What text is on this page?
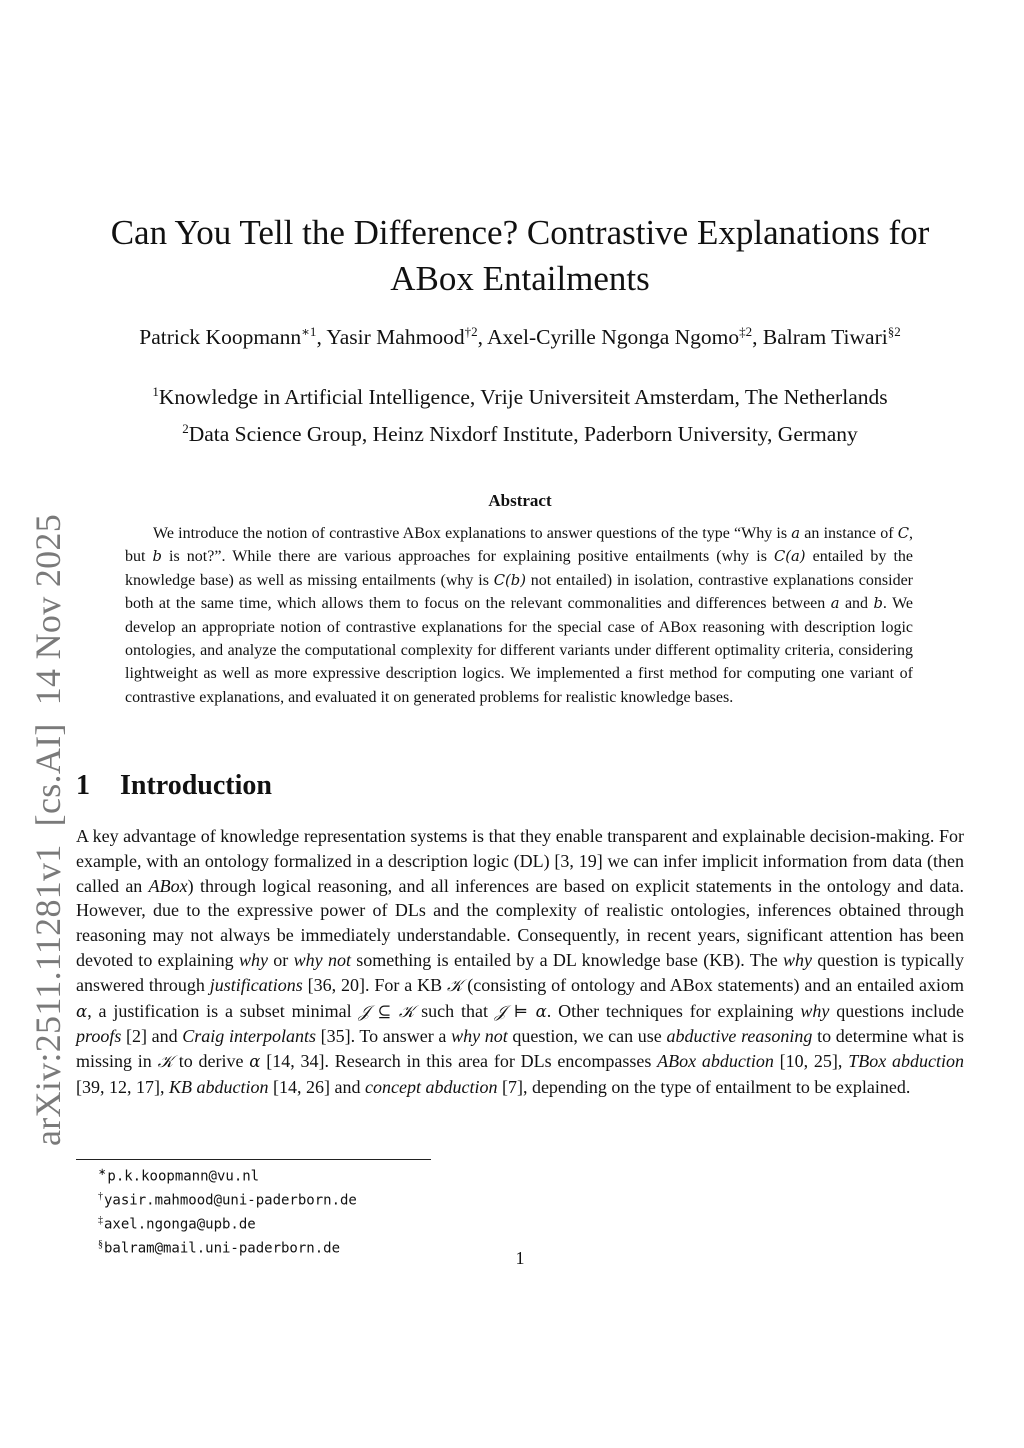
arXiv:2511.11281v1[cs.AI]14 Nov 2025
Can You Tell the Difference? Contrastive Explanations for
ABox Entailments
Patrick Koopmann$^{∗1}$, Yasir Mahmood$^{\dagger 2}$, Axel-Cyrille Ngonga Ngomo$^{\ddagger 2}$, Balram Tiwari$^{\S 2}$
$^1$Knowledge in Artificial Intelligence, Vrije Universiteit Amsterdam, The Netherlands
$^2$Data Science Group, Heinz Nixdorf Institute, Paderborn University, Germany
Abstract

We introduce the notion of contrastive ABox explanations to answer questions of the type “Why is a an instance of C, but b is not?”. While there are various approaches for explaining positive entailments (why is C(a) entailed by the knowledge base) as well as missing entailments (why is C(b) not entailed) in isolation, contrastive explanations consider both at the same time, which allows them to focus on the relevant commonalities and differences between a and b. We develop an appropriate notion of contrastive explanations for the special case of ABox reasoning with description logic ontologies, and analyze the computational complexity for different variants under different optimality criteria, considering lightweight as well as more expressive description logics. We implemented a first method for computing one variant of contrastive explanations, and evaluated it on generated problems for realistic knowledge bases.

1 Introduction

A key advantage of knowledge representation systems is that they enable transparent and explainable decision-making. For example, with an ontology formalized in a description logic (DL) [3, 19] we can infer implicit information from data (then called an ABox) through logical reasoning, and all inferences are based on explicit statements in the ontology and data. However, due to the expressive power of DLs and the complexity of realistic ontologies, inferences obtained through reasoning may not always be immediately understandable. Consequently, in recent years, significant attention has been devoted to explaining why or why not something is entailed by a DL knowledge base (KB). The why question is typically answered through justifications [36, 20]. For a KB 𝒦 (consisting of ontology and ABox statements) and an entailed axiom α, a justification is a subset minimal 𝒥 ⊆ 𝒦 such that 𝒥 ⊨ α. Other techniques for explaining why questions include proofs [2] and Craig interpolants [35]. To answer a why not question, we can use abductive reasoning to determine what is missing in 𝒦 to derive α [14, 34]. Research in this area for DLs encompasses ABox abduction [10, 25], TBox abduction [39, 12, 17], KB abduction [14, 26] and concept abduction [7], depending on the type of entailment to be explained.

∗p.k.koopmann@vu.nl
†yasir.mahmood@uni-paderborn.de
‡axel.ngonga@upb.de
§balram@mail.uni-paderborn.de	1
